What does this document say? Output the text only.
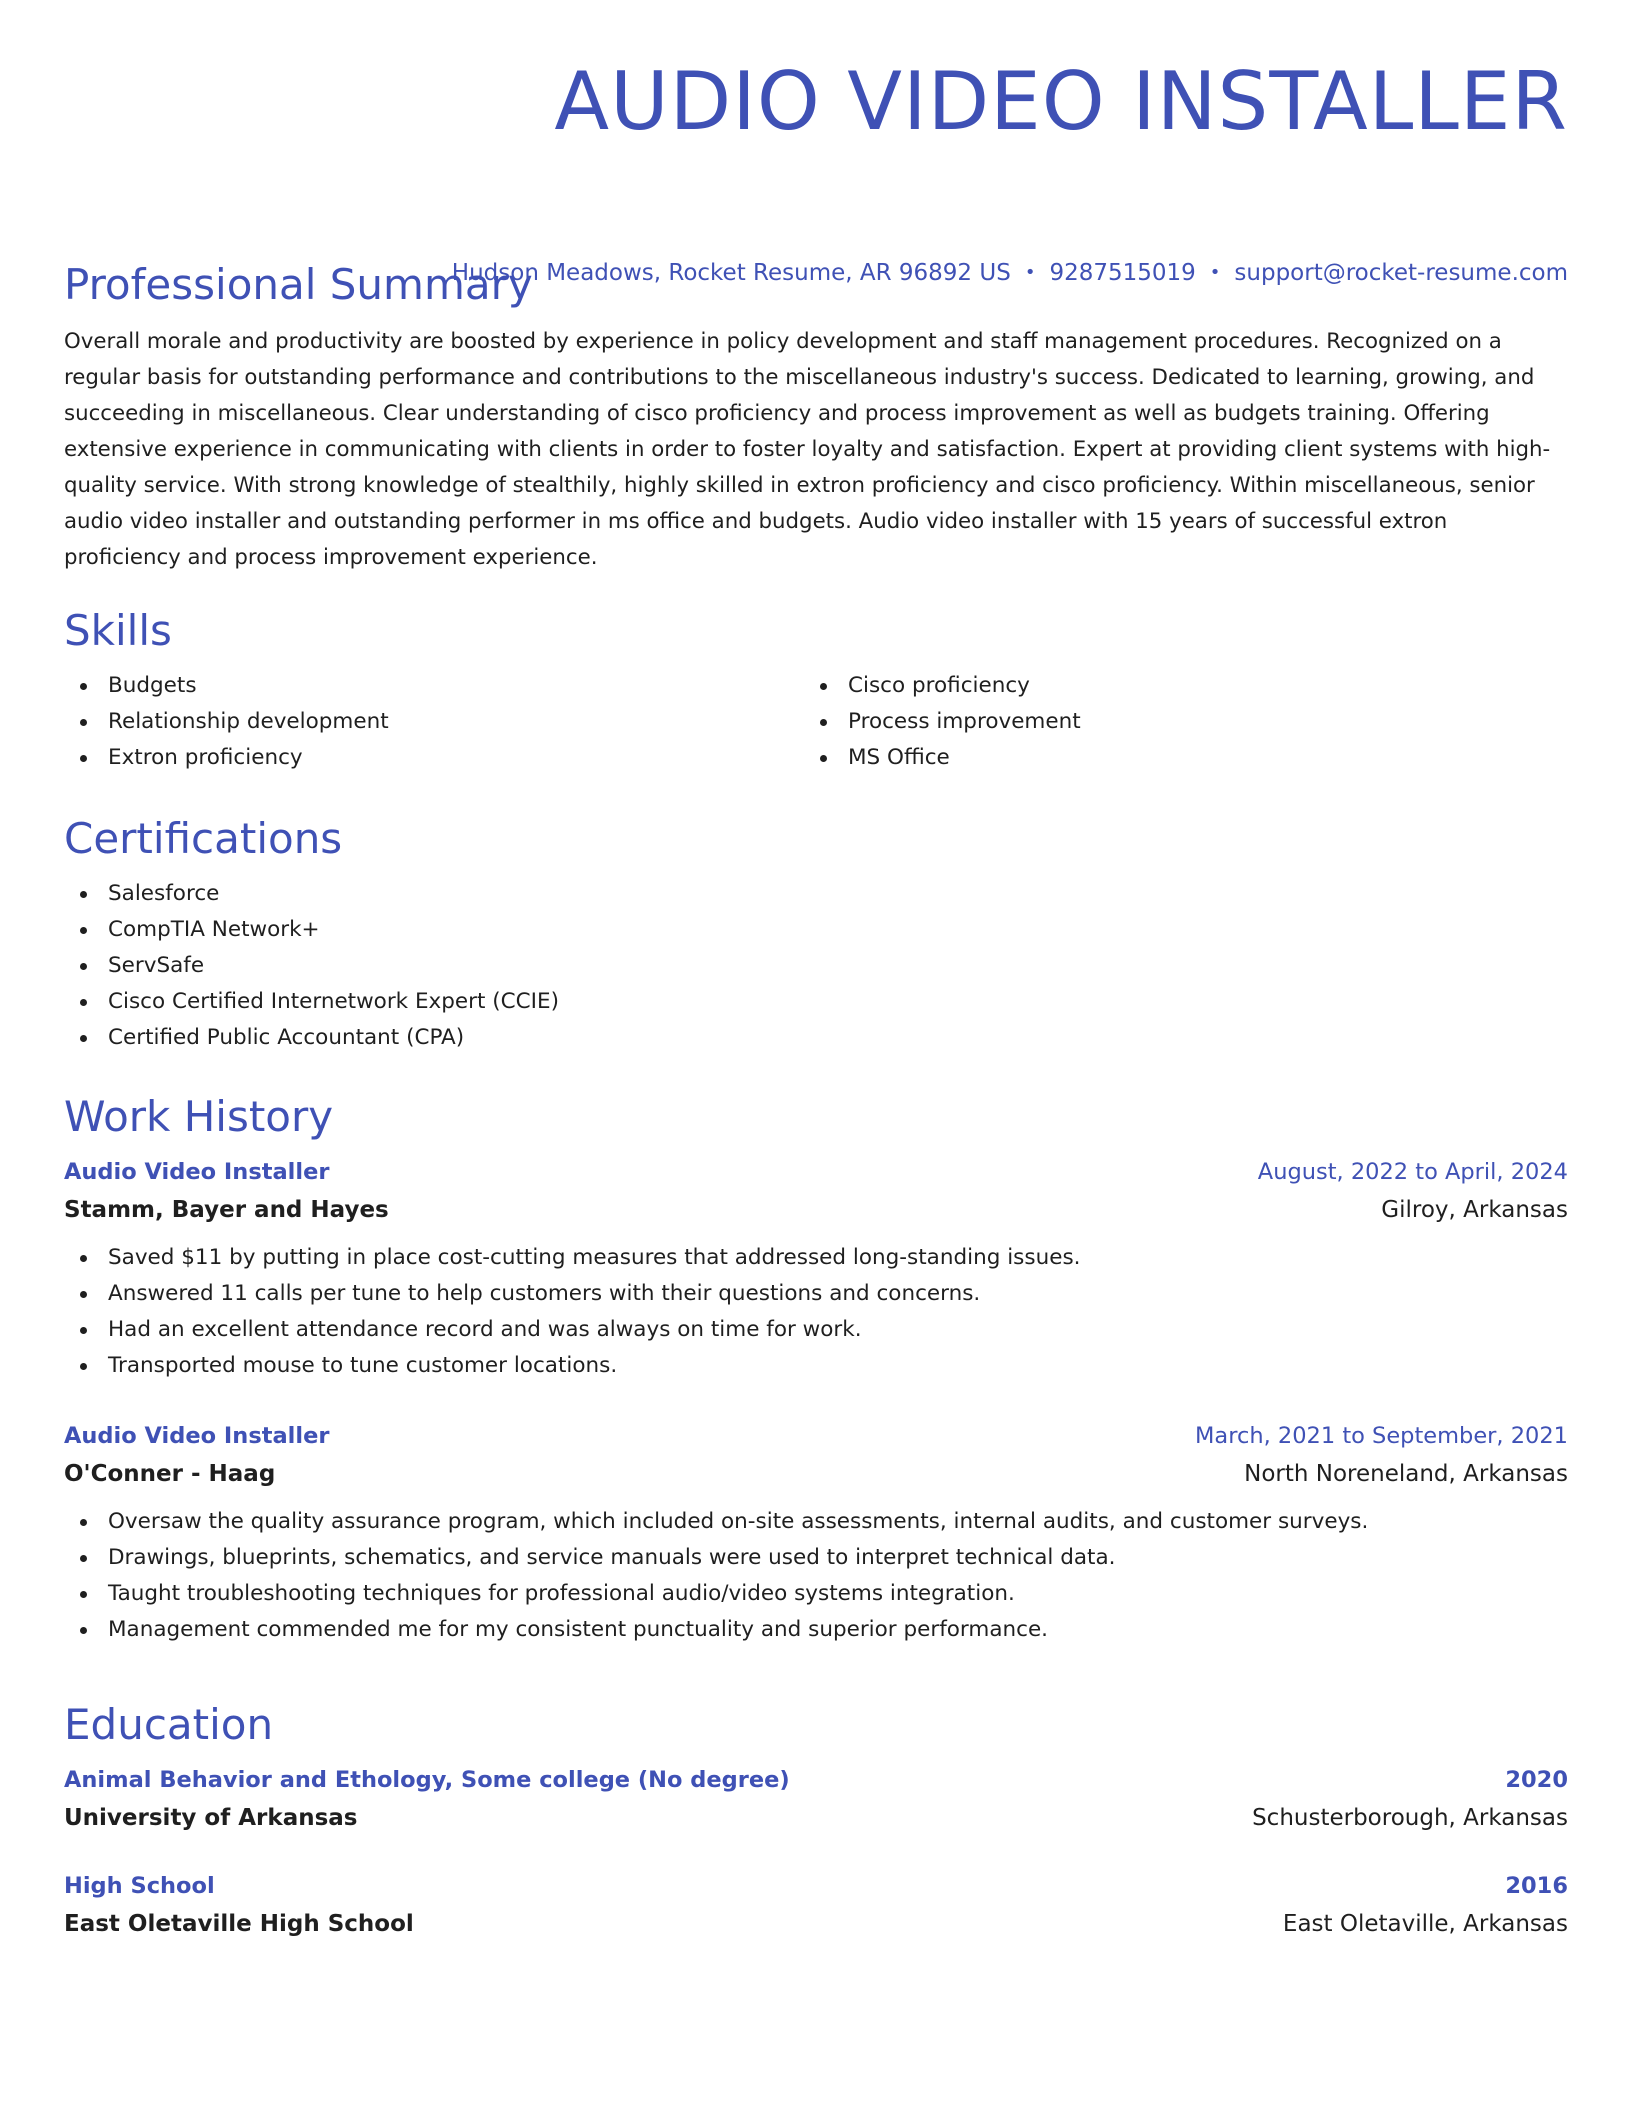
AUDIO VIDEO INSTALLER
Hudson Meadows, Rocket Resume, AR 96892 US • 9287515019 • support@rocket-resume.com
Professional Summary

Overall morale and productivity are boosted by experience in policy development and staff management procedures. Recognized on a regular basis for outstanding performance and contributions to the miscellaneous industry's success. Dedicated to learning, growing, and succeeding in miscellaneous. Clear understanding of cisco proficiency and process improvement as well as budgets training. Offering extensive experience in communicating with clients in order to foster loyalty and satisfaction. Expert at providing client systems with high-quality service. With strong knowledge of stealthily, highly skilled in extron proficiency and cisco proficiency. Within miscellaneous, senior audio video installer and outstanding performer in ms office and budgets. Audio video installer with 15 years of successful extron proficiency and process improvement experience.

Skills
Budgets
Relationship development
Extron proficiency
Cisco proficiency
Process improvement
MS Office
Certifications
Salesforce
CompTIA Network+
ServSafe
Cisco Certified Internetwork Expert (CCIE)
Certified Public Accountant (CPA)
Work History
Audio Video Installer	August, 2022 to April, 2024
Stamm, Bayer and Hayes	Gilroy, Arkansas
Saved $11 by putting in place cost-cutting measures that addressed long-standing issues.
Answered 11 calls per tune to help customers with their questions and concerns.
Had an excellent attendance record and was always on time for work.
Transported mouse to tune customer locations.
Audio Video Installer	March, 2021 to September, 2021
O'Conner - Haag	North Noreneland, Arkansas
Oversaw the quality assurance program, which included on-site assessments, internal audits, and customer surveys.
Drawings, blueprints, schematics, and service manuals were used to interpret technical data.
Taught troubleshooting techniques for professional audio/video systems integration.
Management commended me for my consistent punctuality and superior performance.
Education
Animal Behavior and Ethology, Some college (No degree)	2020
University of Arkansas	Schusterborough, Arkansas
High School	2016
East Oletaville High School	East Oletaville, Arkansas
